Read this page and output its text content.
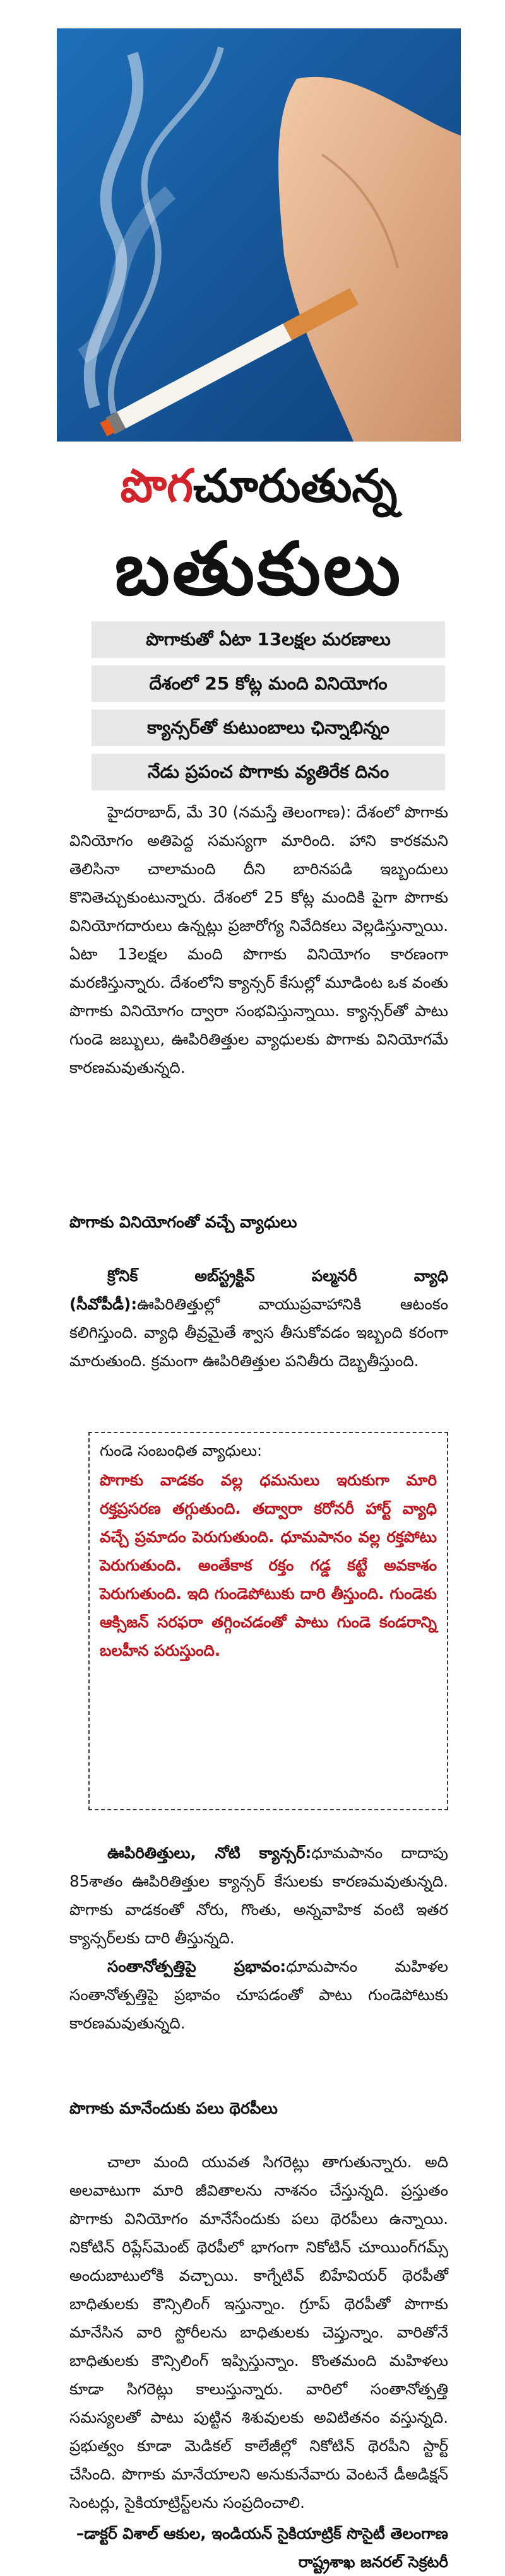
పొగచూరుతున్న
బతుకులు
పొగాకుతో ఏటా 13లక్షల మరణాలు
దేశంలో 25 కోట్ల మంది వినియోగం
క్యాన్సర్‌తో కుటుంబాలు ఛిన్నాభిన్నం
నేడు ప్రపంచ పొగాకు వ్యతిరేక దినం

హైదరాబాద్‌, మే 30 (నమస్తే తెలంగాణ): దేశంలో పొగాకు వినియోగం అతిపెద్ద సమస్యగా మారింది. హాని కారకమని తెలిసినా చాలామంది దీని బారినపడి ఇబ్బందులు కొనితెచ్చుకుంటున్నారు. దేశంలో 25 కోట్ల మందికి పైగా పొగాకు వినియోగదారులు ఉన్నట్లు ప్రజారోగ్య నివేదికలు వెల్లడిస్తున్నాయి. ఏటా 13లక్షల మంది పొగాకు వినియోగం కారణంగా మరణిస్తున్నారు. దేశంలోని క్యాన్సర్‌ కేసుల్లో మూడింట ఒక వంతు పొగాకు వినియోగం ద్వారా సంభవిస్తున్నాయి. క్యాన్సర్‌తో పాటు గుండె జబ్బులు, ఊపిరితిత్తుల వ్యాధులకు పొగాకు వినియోగమే కారణమవుతున్నది.

పొగాకు వినియోగంతో వచ్చే వ్యాధులు

క్రోనిక్‌ అబ్‌స్ట్రక్టివ్‌ పల్మనరీ వ్యాధి (సీవోపీడీ):ఊపిరితిత్తుల్లో వాయుప్రవాహానికి ఆటంకం కలిగిస్తుంది. వ్యాధి తీవ్రమైతే శ్వాస తీసుకోవడం ఇబ్బంది కరంగా మారుతుంది. క్రమంగా ఊపిరితిత్తుల పనితీరు దెబ్బతీస్తుంది.

గుండె సంబంధిత వ్యాధులు:

పొగాకు వాడకం వల్ల ధమనులు ఇరుకుగా మారి రక్తప్రసరణ తగ్గుతుంది. తద్వారా కరోనరీ హార్ట్‌ వ్యాధి వచ్చే ప్రమాదం పెరుగుతుంది. ధూమపానం వల్ల రక్తపోటు పెరుగుతుంది. అంతేకాక రక్తం గడ్డ కట్టే అవకాశం పెరుగుతుంది. ఇది గుండెపోటుకు దారి తీస్తుంది. గుండెకు ఆక్సిజన్‌ సరఫరా తగ్గించడంతో పాటు గుండె కండరాన్ని బలహీన పరుస్తుంది.

ఊపిరితిత్తులు, నోటి క్యాన్సర్‌:ధూమపానం దాదాపు 85శాతం ఊపిరితిత్తుల క్యాన్సర్‌ కేసులకు కారణమవుతున్నది. పొగాకు వాడకంతో నోరు, గొంతు, అన్నవాహిక వంటి ఇతర క్యాన్సర్‌లకు దారి తీస్తున్నది.

సంతానోత్పత్తిపై ప్రభావం:ధూమపానం మహిళల సంతానోత్పత్తిపై ప్రభావం చూపడంతో పాటు గుండెపోటుకు కారణమవుతున్నది.

పొగాకు మానేందుకు పలు థెరపీలు

చాలా మంది యువత సిగరెట్లు తాగుతున్నారు. అది అలవాటుగా మారి జీవితాలను నాశనం చేస్తున్నది. ప్రస్తుతం పొగాకు వినియోగం మానేసేందుకు పలు థెరపీలు ఉన్నాయి. నికోటిన్‌ రిప్లేస్‌మెంట్‌ థెరపీలో భాగంగా నికోటిన్‌ చూయింగ్‌గమ్స్‌ అందుబాటులోకి వచ్చాయి. కాగ్నేటివ్‌ బిహేవియర్‌ థెరపీతో బాధితులకు కౌన్సిలింగ్‌ ఇస్తున్నాం. గ్రూప్‌ థెరపీతో పొగాకు మానేసిన వారి స్టోరీలను బాధితులకు చెప్తున్నాం. వారితోనే బాధితులకు కౌన్సిలింగ్‌ ఇప్పిస్తున్నాం. కొంతమంది మహిళలు కూడా సిగరెట్లు కాలుస్తున్నారు. వారిలో సంతానోత్పత్తి సమస్యలతో పాటు పుట్టిన శిశువులకు అవిటితనం వస్తున్నది. ప్రభుత్వం కూడా మెడికల్‌ కాలేజీల్లో నికోటిన్‌ థెరపీని స్టార్ట్‌ చేసింది. పొగాకు మానేయాలని అనుకునేవారు వెంటనే డీఅడిక్షన్‌ సెంటర్లు, సైకియాట్రిస్ట్‌లను సంప్రదించాలి.

–డాక్టర్‌ విశాల్‌ ఆకుల, ఇండియన్‌ సైకియాట్రిక్‌ సొసైటీ తెలంగాణ రాష్ట్రశాఖ జనరల్‌ సెక్రటరీ
